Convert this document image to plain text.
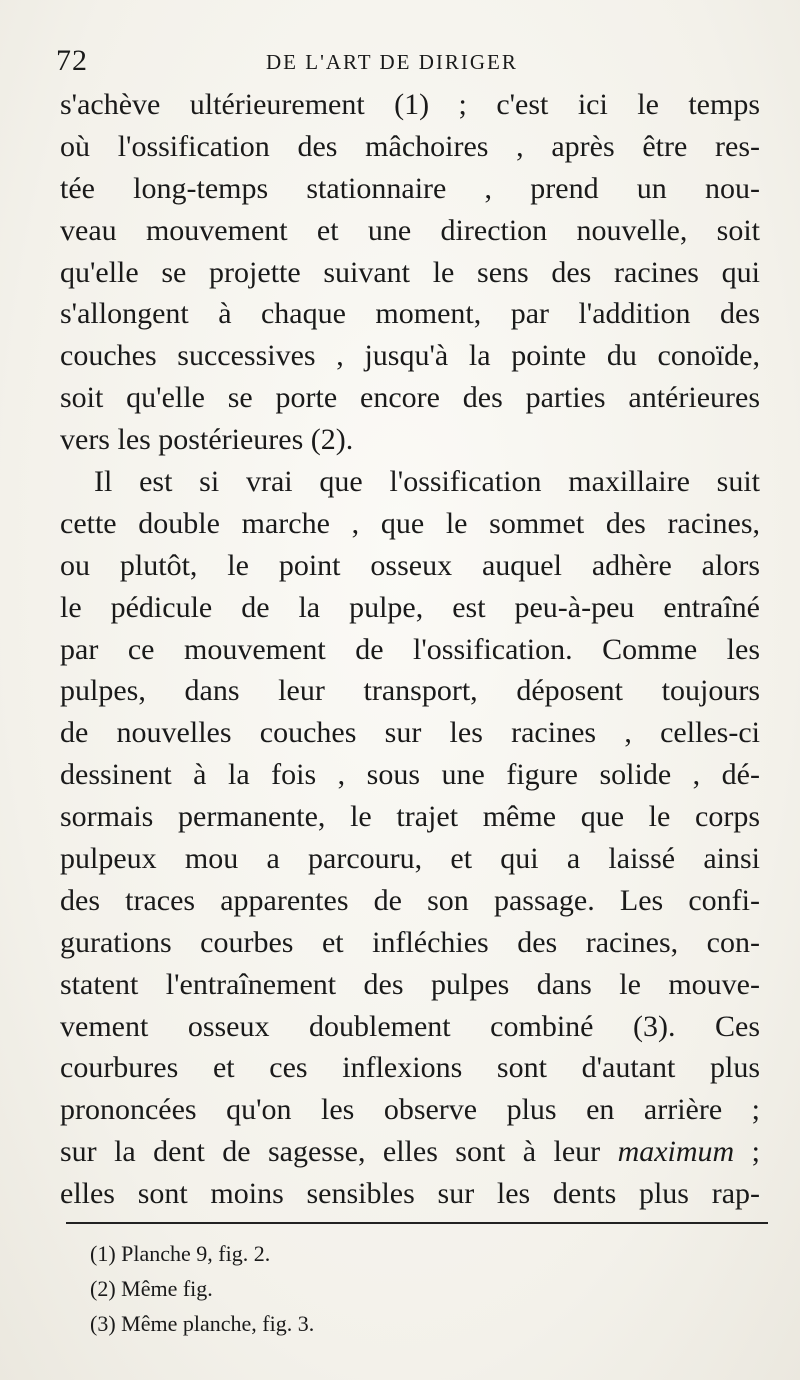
72	DE L'ART DE DIRIGER
s'achève ultérieurement (1) ; c'est ici le temps
où l'ossification des mâchoires , après être res-
tée long-temps stationnaire , prend un nou-
veau mouvement et une direction nouvelle, soit
qu'elle se projette suivant le sens des racines qui
s'allongent à chaque moment, par l'addition des
couches successives , jusqu'à la pointe du conoïde,
soit qu'elle se porte encore des parties antérieures
vers les postérieures (2).
Il est si vrai que l'ossification maxillaire suit
cette double marche , que le sommet des racines,
ou plutôt, le point osseux auquel adhère alors
le pédicule de la pulpe, est peu-à-peu entraîné
par ce mouvement de l'ossification. Comme les
pulpes, dans leur transport, déposent toujours
de nouvelles couches sur les racines , celles-ci
dessinent à la fois , sous une figure solide , dé-
sormais permanente, le trajet même que le corps
pulpeux mou a parcouru, et qui a laissé ainsi
des traces apparentes de son passage. Les confi-
gurations courbes et infléchies des racines, con-
statent l'entraînement des pulpes dans le mouve-
vement osseux doublement combiné (3). Ces
courbures et ces inflexions sont d'autant plus
prononcées qu'on les observe plus en arrière ;
sur la dent de sagesse, elles sont à leur maximum ;
elles sont moins sensibles sur les dents plus rap-
(1) Planche 9, fig. 2.
(2) Même fig.
(3) Même planche, fig. 3.
